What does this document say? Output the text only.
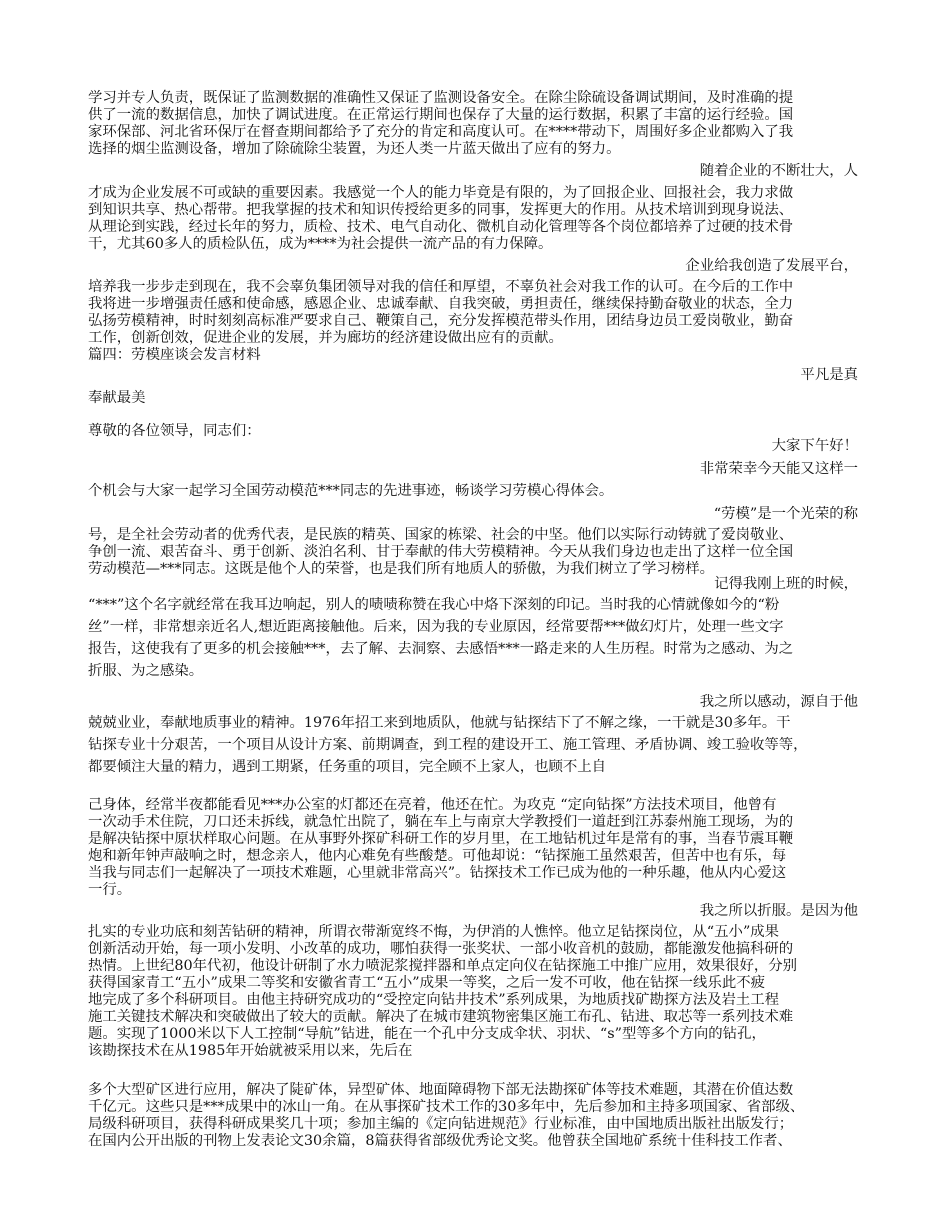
学习并专人负责，既保证了监测数据的准确性又保证了监测设备安全。在除尘除硫设备调试期间，及时准确的提
供了一流的数据信息，加快了调试进度。在正常运行期间也保存了大量的运行数据，积累了丰富的运行经验。国
家环保部、河北省环保厅在督查期间都给予了充分的肯定和高度认可。在****带动下，周围好多企业都购入了我
选择的烟尘监测设备，增加了除硫除尘装置，为还人类一片蓝天做出了应有的努力。
随着企业的不断壮大，人
才成为企业发展不可或缺的重要因素。我感觉一个人的能力毕竟是有限的，为了回报企业、回报社会，我力求做
到知识共享、热心帮带。把我掌握的技术和知识传授给更多的同事，发挥更大的作用。从技术培训到现身说法、
从理论到实践，经过长年的努力，质检、技术、电气自动化、微机自动化管理等各个岗位都培养了过硬的技术骨
干，尤其60多人的质检队伍，成为****为社会提供一流产品的有力保障。
企业给我创造了发展平台，
培养我一步步走到现在，我不会辜负集团领导对我的信任和厚望，不辜负社会对我工作的认可。在今后的工作中
我将进一步增强责任感和使命感，感恩企业、忠诚奉献、自我突破，勇担责任，继续保持勤奋敬业的状态，全力
弘扬劳模精神，时时刻刻高标准严要求自己、鞭策自己，充分发挥模范带头作用，团结身边员工爱岗敬业，勤奋
工作，创新创效，促进企业的发展，并为廊坊的经济建设做出应有的贡献。
篇四：劳模座谈会发言材料
平凡是真
奉献最美
尊敬的各位领导，同志们：
大家下午好！
非常荣幸今天能又这样一
个机会与大家一起学习全国劳动模范***同志的先进事迹，畅谈学习劳模心得体会。
“劳模”是一个光荣的称
号，是全社会劳动者的优秀代表，是民族的精英、国家的栋梁、社会的中坚。他们以实际行动铸就了爱岗敬业、
争创一流、艰苦奋斗、勇于创新、淡泊名利、甘于奉献的伟大劳模精神。今天从我们身边也走出了这样一位全国
劳动模范—***同志。这既是他个人的荣誉，也是我们所有地质人的骄傲，为我们树立了学习榜样。
记得我刚上班的时候，
“***”这个名字就经常在我耳边响起，别人的啧啧称赞在我心中烙下深刻的印记。当时我的心情就像如今的“粉
丝”一样，非常想亲近名人,想近距离接触他。后来，因为我的专业原因，经常要帮***做幻灯片，处理一些文字
报告，这使我有了更多的机会接触***，去了解、去洞察、去感悟***一路走来的人生历程。时常为之感动、为之
折服、为之感染。
我之所以感动，源自于他
兢兢业业，奉献地质事业的精神。1976年招工来到地质队，他就与钻探结下了不解之缘，一干就是30多年。干
钻探专业十分艰苦，一个项目从设计方案、前期调查，到工程的建设开工、施工管理、矛盾协调、竣工验收等等，
都要倾注大量的精力，遇到工期紧，任务重的项目，完全顾不上家人，也顾不上自
己身体，经常半夜都能看见***办公室的灯都还在亮着，他还在忙。为攻克 “定向钻探”方法技术项目，他曾有
一次动手术住院，刀口还未拆线，就急忙出院了，躺在车上与南京大学教授们一道赶到江苏泰州施工现场，为的
是解决钻探中原状样取心问题。在从事野外探矿科研工作的岁月里，在工地钻机过年是常有的事，当春节震耳鞭
炮和新年钟声敲响之时，想念亲人，他内心难免有些酸楚。可他却说：“钻探施工虽然艰苦，但苦中也有乐，每
当我与同志们一起解决了一项技术难题，心里就非常高兴”。钻探技术工作已成为他的一种乐趣，他从内心爱这
一行。
我之所以折服。是因为他
扎实的专业功底和刻苦钻研的精神，所谓衣带渐宽终不悔，为伊消的人憔悴。他立足钻探岗位，从“五小”成果
创新活动开始，每一项小发明、小改革的成功，哪怕获得一张奖状、一部小收音机的鼓励，都能激发他搞科研的
热情。上世纪80年代初，他设计研制了水力喷泥浆搅拌器和单点定向仪在钻探施工中推广应用，效果很好，分别
获得国家青工“五小”成果二等奖和安徽省青工“五小”成果一等奖，之后一发不可收，他在钻探一线乐此不疲
地完成了多个科研项目。由他主持研究成功的“受控定向钻井技术”系列成果，为地质找矿勘探方法及岩土工程
施工关键技术解决和突破做出了较大的贡献。解决了在城市建筑物密集区施工布孔、钻进、取芯等一系列技术难
题。实现了1000米以下人工控制“导航”钻进，能在一个孔中分支成伞状、羽状、“s”型等多个方向的钻孔，
该勘探技术在从1985年开始就被采用以来，先后在
多个大型矿区进行应用，解决了陡矿体，异型矿体、地面障碍物下部无法勘探矿体等技术难题，其潜在价值达数
千亿元。这些只是***成果中的冰山一角。在从事探矿技术工作的30多年中，先后参加和主持多项国家、省部级、
局级科研项目，获得科研成果奖几十项；参加主编的《定向钻进规范》行业标准，由中国地质出版社出版发行；
在国内公开出版的刊物上发表论文30余篇，8篇获得省部级优秀论文奖。他曾获全国地矿系统十佳科技工作者、
